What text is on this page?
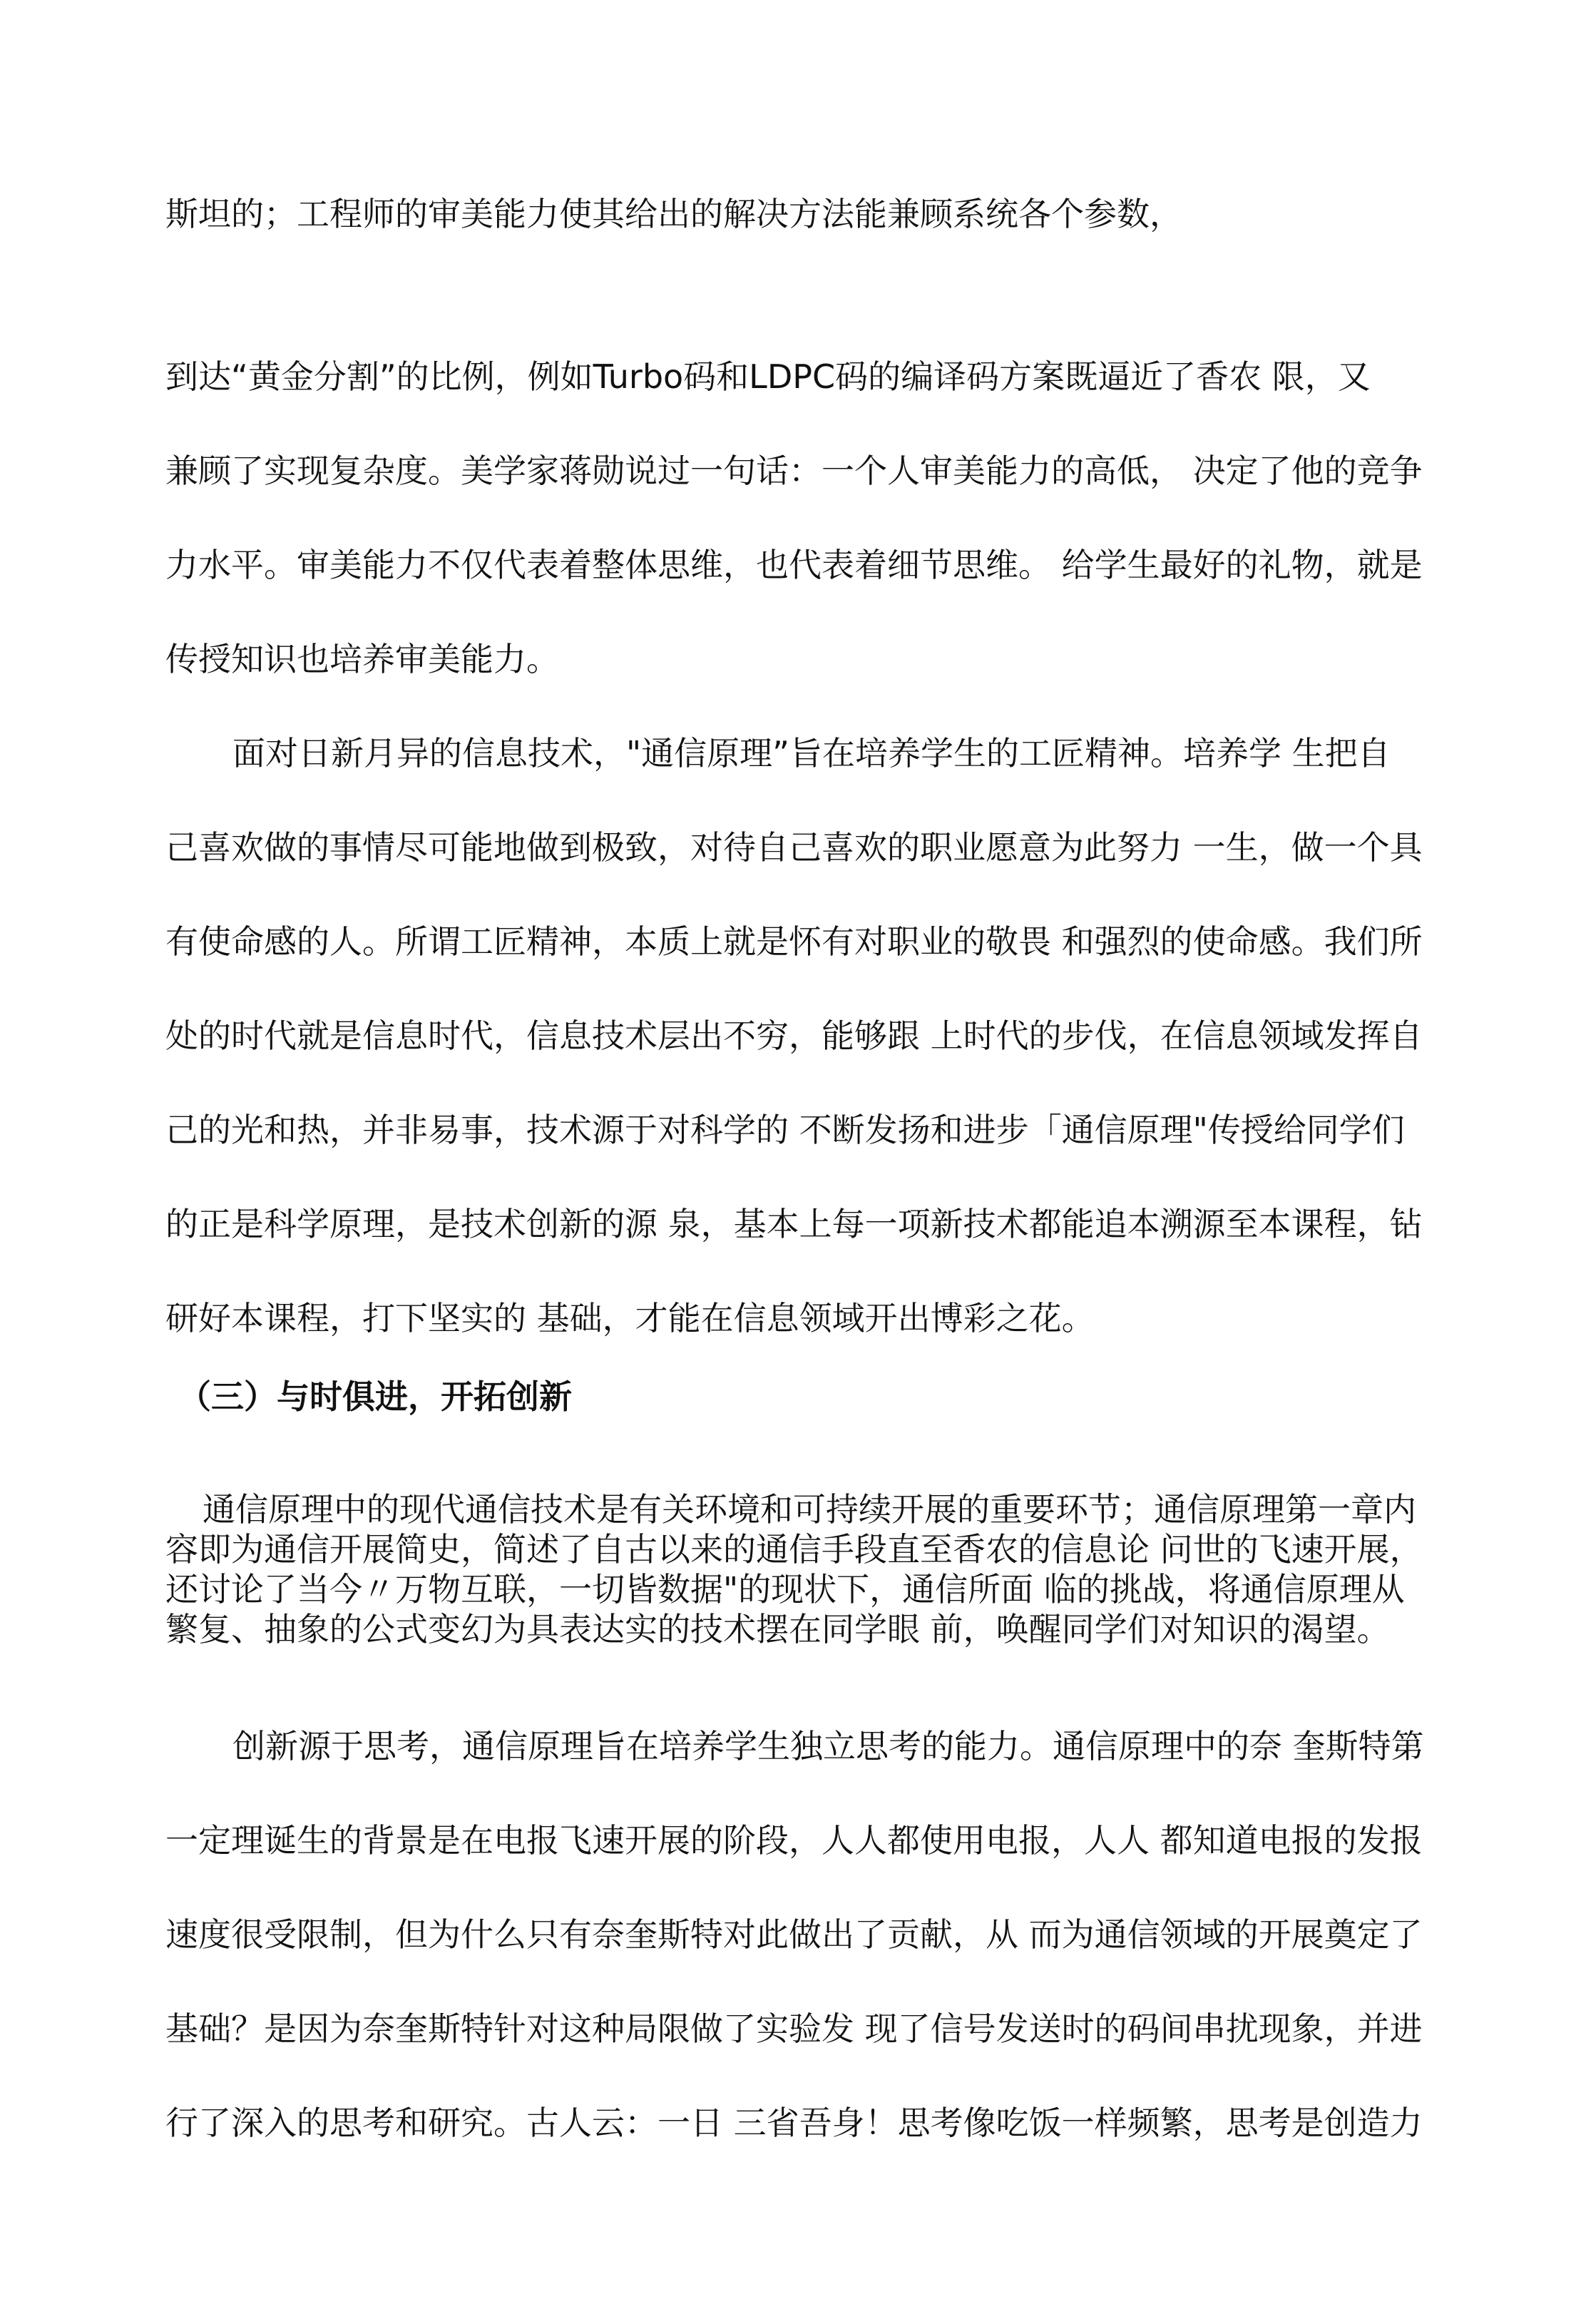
斯坦的；工程师的审美能力使其给出的解决方法能兼顾系统各个参数，
到达“黄金分割”的比例，例如Turbo码和LDPC码的编译码方案既逼近了香农 限，又
兼顾了实现复杂度。美学家蒋勋说过一句话：一个人审美能力的高低， 决定了他的竞争
力水平。审美能力不仅代表着整体思维，也代表着细节思维。 给学生最好的礼物，就是
传授知识也培养审美能力。
面对日新月异的信息技术，"通信原理”旨在培养学生的工匠精神。培养学 生把自
己喜欢做的事情尽可能地做到极致，对待自己喜欢的职业愿意为此努力 一生，做一个具
有使命感的人。所谓工匠精神，本质上就是怀有对职业的敬畏 和强烈的使命感。我们所
处的时代就是信息时代，信息技术层出不穷，能够跟 上时代的步伐，在信息领域发挥自
己的光和热，并非易事，技术源于对科学的 不断发扬和进步「通信原理"传授给同学们
的正是科学原理，是技术创新的源 泉，基本上每一项新技术都能追本溯源至本课程，钻
研好本课程，打下坚实的 基础，才能在信息领域开出博彩之花。
（三）与时俱进，开拓创新
通信原理中的现代通信技术是有关环境和可持续开展的重要环节；通信原理第一章内
容即为通信开展简史，简述了自古以来的通信手段直至香农的信息论 问世的飞速开展，
还讨论了当今〃万物互联，一切皆数据"的现状下，通信所面 临的挑战，将通信原理从
繁复、抽象的公式变幻为具表达实的技术摆在同学眼 前，唤醒同学们对知识的渴望。
创新源于思考，通信原理旨在培养学生独立思考的能力。通信原理中的奈 奎斯特第
一定理诞生的背景是在电报飞速开展的阶段，人人都使用电报，人人 都知道电报的发报
速度很受限制，但为什么只有奈奎斯特对此做出了贡献，从 而为通信领域的开展奠定了
基础？是因为奈奎斯特针对这种局限做了实验发 现了信号发送时的码间串扰现象，并进
行了深入的思考和研究。古人云：一日 三省吾身！思考像吃饭一样频繁，思考是创造力
